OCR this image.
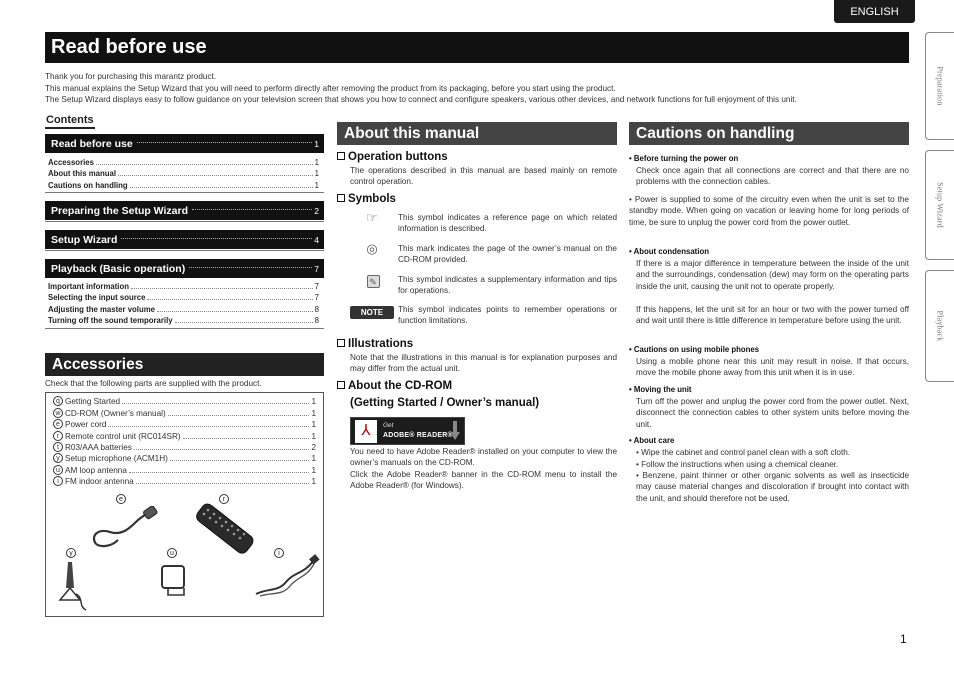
ENGLISH
Preparation
Setup Wizard
Playback
Read before use
Thank you for purchasing this marantz product.
This manual explains the Setup Wizard that you will need to perform directly after removing the product from its packaging, before you start using the product.
The Setup Wizard displays easy to follow guidance on your television screen that shows you how to connect and configure speakers, various other devices, and network functions for full enjoyment of this unit.
Contents
Read before use	1
Accessories	1
About this manual	1
Cautions on handling	1
Preparing the Setup Wizard	2
Setup Wizard	4
Playback (Basic operation)	7
Important information	7
Selecting the input source	7
Adjusting the master volume	8
Turning off the sound temporarily	8
Accessories
Check that the following parts are supplied with the product.
q Getting Started	1
w CD-ROM (Owner’s manual)	1
e Power cord	1
r Remote control unit (RC014SR)	1
t R03/AAA batteries	2
y Setup microphone (ACM1H)	1
u AM loop antenna	1
i FM indoor antenna	1
e	r
y	u	i
About this manual
Operation buttons
The operations described in this manual are based mainly on remote control operation.
Symbols
☞	This symbol indicates a reference page on which related information is described.
◎	This mark indicates the page of the owner’s manual on the CD-ROM provided.
✎	This symbol indicates a supplementary information and tips for operations.
NOTE	This symbol indicates points to remember operations or function limitations.
Illustrations
Note that the illustrations in this manual is for explanation purposes and may differ from the actual unit.
About the CD-ROM
(Getting Started / Owner’s manual)
⅄	Get
ADOBE® READER®
You need to have Adobe Reader® installed on your computer to view the owner’s manuals on the CD-ROM.
Click the Adobe Reader® banner in the CD-ROM menu to install the Adobe Reader® (for Windows).
Cautions on handling
• Before turning the power on
Check once again that all connections are correct and that there are no problems with the connection cables.
• Power is supplied to some of the circuitry even when the unit is set to the standby mode. When going on vacation or leaving home for long periods of time, be sure to unplug the power cord from the power outlet.
• About condensation
If there is a major difference in temperature between the inside of the unit and the surroundings, condensation (dew) may form on the operating parts inside the unit, causing the unit not to operate properly.
If this happens, let the unit sit for an hour or two with the power turned off and wait until there is little difference in temperature before using the unit.
• Cautions on using mobile phones
Using a mobile phone near this unit may result in noise. If that occurs, move the mobile phone away from this unit when it is in use.
• Moving the unit
Turn off the power and unplug the power cord from the power outlet. Next, disconnect the connection cables to other system units before moving the unit.
• About care
• Wipe the cabinet and control panel clean with a soft cloth.
• Follow the instructions when using a chemical cleaner.
• Benzene, paint thinner or other organic solvents as well as insecticide may cause material changes and discoloration if brought into contact with the unit, and should therefore not be used.
1
